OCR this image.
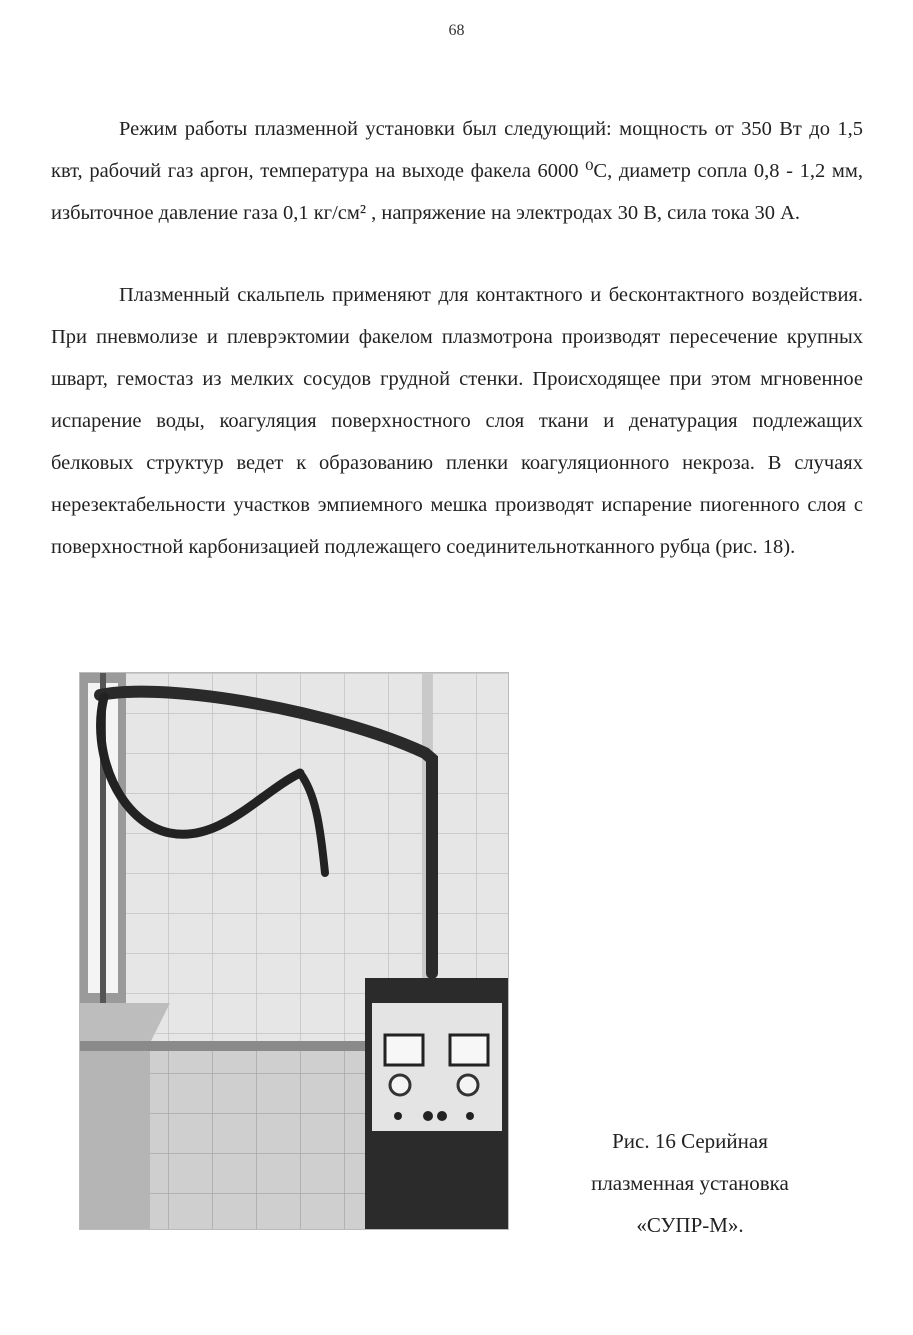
68

Режим работы плазменной установки был следующий: мощность от 350 Вт до 1,5 квт, рабочий газ аргон, температура на выходе факела 6000 ⁰С, диаметр сопла 0,8 - 1,2 мм, избыточное давление газа 0,1 кг/см² , напряжение на электродах 30 В, сила тока 30 А.

Плазменный скальпель применяют для контактного и бесконтактного воздействия. При пневмолизе и плеврэктомии факелом плазмотрона производят пересечение крупных шварт, гемостаз из мелких сосудов грудной стенки. Происходящее при этом мгновенное испарение воды, коагуляция поверхностного слоя ткани и денатурация подлежащих белковых структур ведет к образованию пленки коагуляционного некроза. В случаях нерезектабельности участков эмпиемного мешка производят испарение пиогенного слоя с поверхностной карбонизацией подлежащего соединительнотканного рубца (рис. 18).

Рис. 16 Серийная
плазменная установка
«СУПР-М».
